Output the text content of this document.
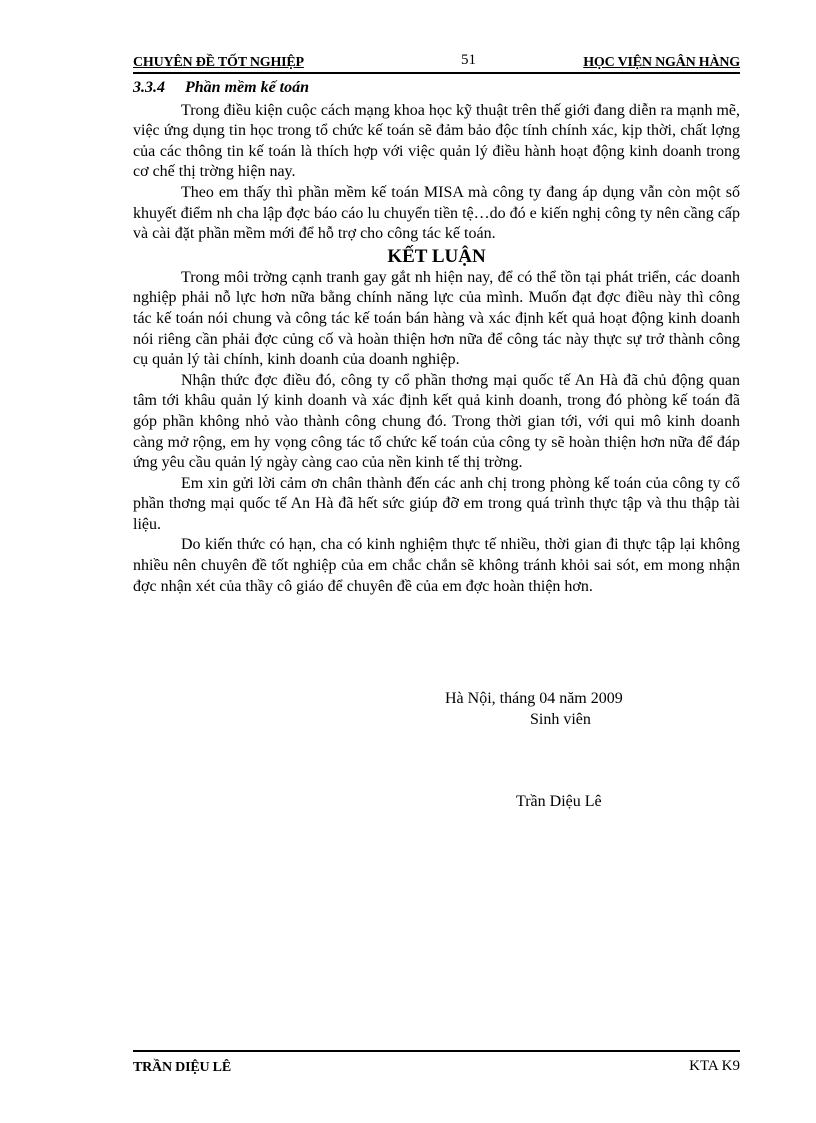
CHUYÊN ĐỀ TỐT NGHIỆP	51	HỌC VIỆN NGÂN HÀNG
3.3.4 Phần mềm kế toán

Trong điều kiện cuộc cách mạng khoa học kỹ thuật trên thế giới đang diễn ra mạnh mẽ, việc ứng dụng tin học trong tổ chức kế toán sẽ đảm bảo độc tính chính xác, kịp thời, chất lợng của các thông tin kế toán là thích hợp với việc quản lý điều hành hoạt động kinh doanh trong cơ chế thị trờng hiện nay.

Theo em thấy thì phần mềm kế toán MISA mà công ty đang áp dụng vẫn còn một số khuyết điểm nh cha lập đợc báo cáo lu chuyển tiền tệ…do đó e kiến nghị công ty nên cầng cấp và cài đặt phần mềm mới để hỗ trợ cho công tác kế toán.

KẾT LUẬN

Trong môi trờng cạnh tranh gay gắt nh hiện nay, để có thể tồn tại phát triển, các doanh nghiệp phải nỗ lực hơn nữa bằng chính năng lực của mình. Muốn đạt đợc điều này thì công tác kế toán nói chung và công tác kế toán bán hàng và xác định kết quả hoạt động kinh doanh nói riêng cần phải đợc củng cố và hoàn thiện hơn nữa để công tác này thực sự trở thành công cụ quản lý tài chính, kinh doanh của doanh nghiệp.

Nhận thức đợc điều đó, công ty cổ phần thơng mại quốc tế An Hà đã chủ động quan tâm tới khâu quản lý kinh doanh và xác định kết quả kinh doanh, trong đó phòng kế toán đã góp phần không nhỏ vào thành công chung đó. Trong thời gian tới, với qui mô kinh doanh càng mở rộng, em hy vọng công tác tổ chức kế toán của công ty sẽ hoàn thiện hơn nữa để đáp ứng yêu cầu quản lý ngày càng cao của nền kinh tế thị trờng.

Em xin gửi lời cảm ơn chân thành đến các anh chị trong phòng kế toán của công ty cổ phần thơng mại quốc tế An Hà đã hết sức giúp đỡ em trong quá trình thực tập và thu thập tài liệu.

Do kiến thức có hạn, cha có kinh nghiệm thực tế nhiều, thời gian đi thực tập lại không nhiều nên chuyên đề tốt nghiệp của em chắc chắn sẽ không tránh khỏi sai sót, em mong nhận đợc nhận xét của thầy cô giáo để chuyên đề của em đợc hoàn thiện hơn.

Hà Nội, tháng 04 năm 2009
Sinh viên
Trần Diệu Lê
TRẦN DIỆU LÊ	KTA K9
